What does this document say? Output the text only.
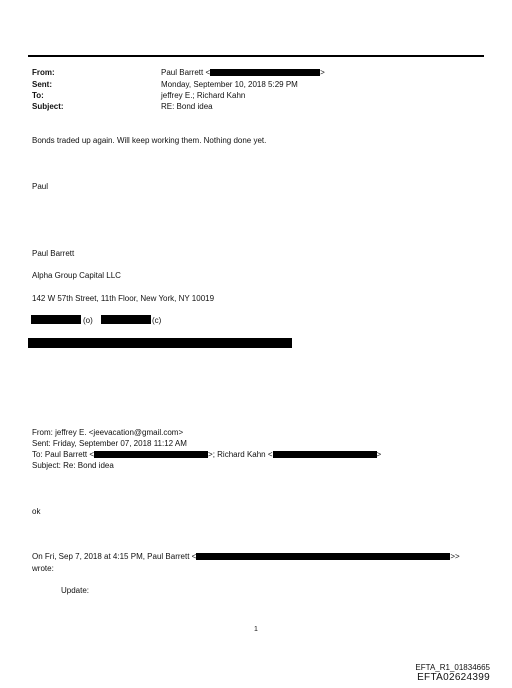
From:	Paul Barrett <	>
Sent:	Monday, September 10, 2018 5:29 PM
To:	jeffrey E.; Richard Kahn
Subject:	RE: Bond idea
Bonds traded up again. Will keep working them. Nothing done yet.
Paul
Paul Barrett
Alpha Group Capital LLC
142 W 57th Street, 11th Floor, New York, NY 10019
(o)	(c)
From: jeffrey E. <jeevacation@gmail.com>
Sent: Friday, September 07, 2018 11:12 AM
To: Paul Barrett <	>; Richard Kahn <	>
Subject: Re: Bond idea
ok
On Fri, Sep 7, 2018 at 4:15 PM, Paul Barrett <	>>
wrote:
Update:
1
EFTA_R1_01834665
EFTA02624399
